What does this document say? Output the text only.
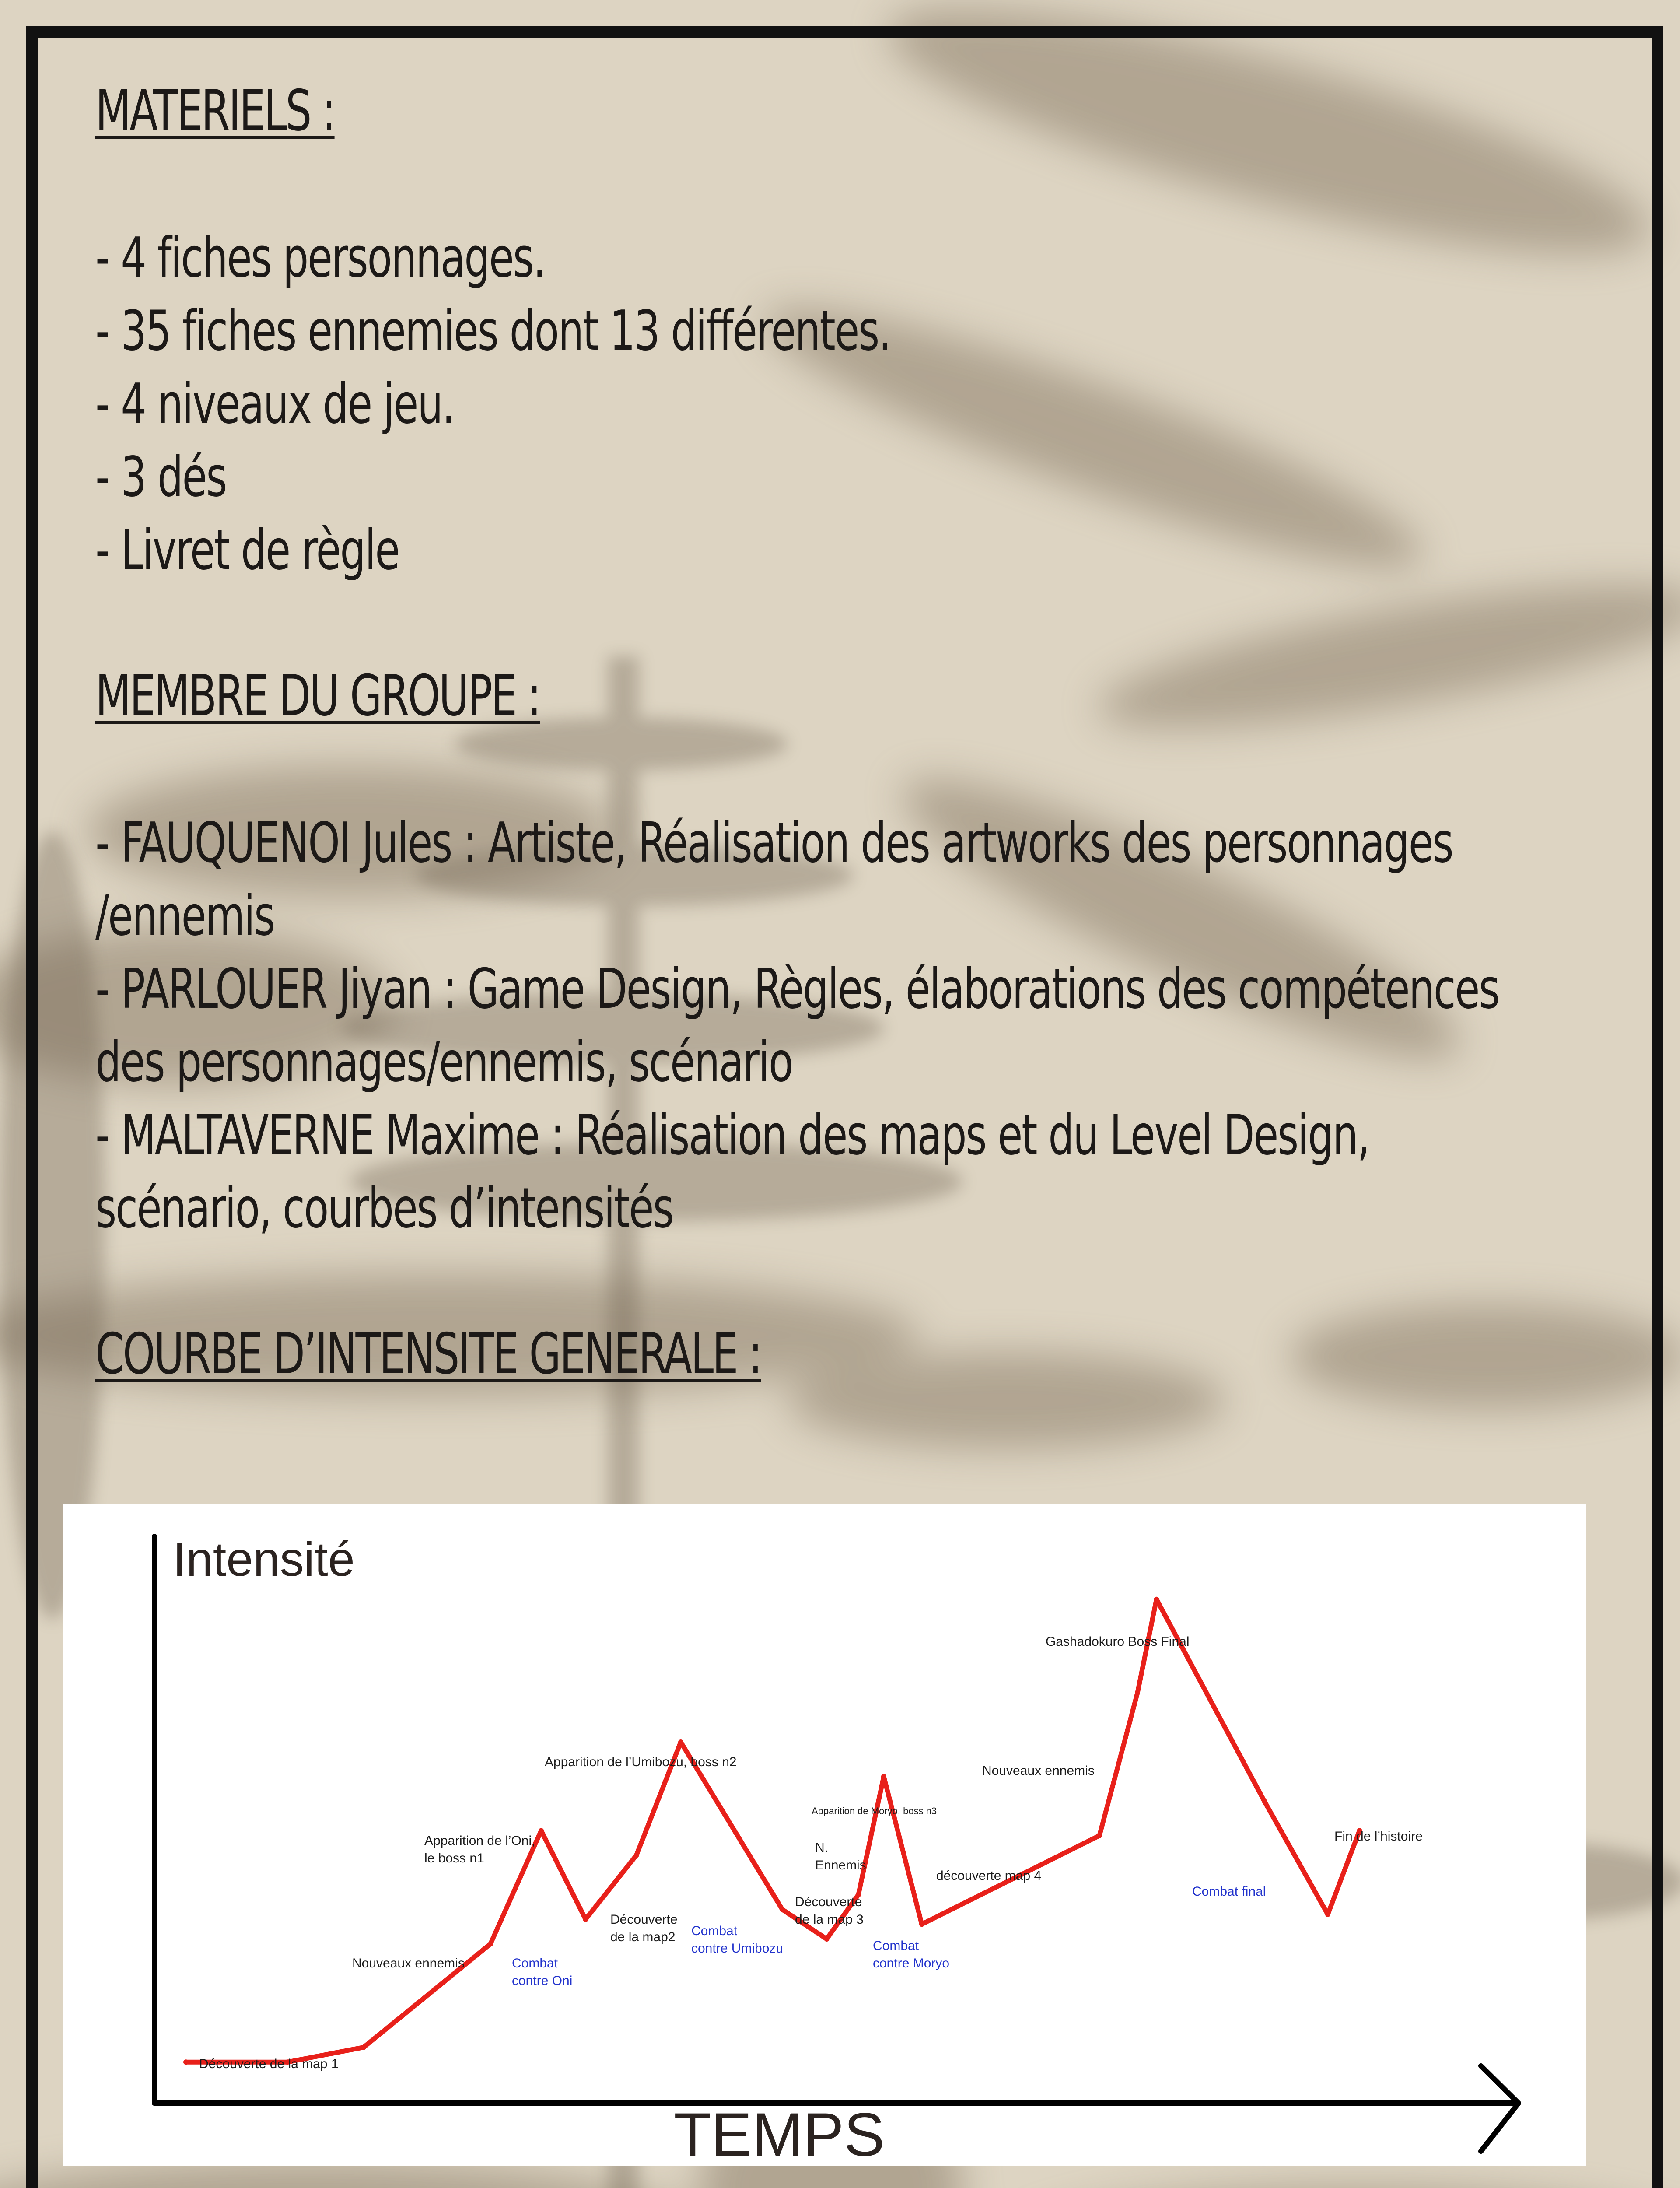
MATERIELS :
- 4 fiches personnages.
- 35 fiches ennemies dont 13 différentes.
- 4 niveaux de jeu.
- 3 dés
- Livret de règle
MEMBRE DU GROUPE :
- FAUQUENOI Jules : Artiste, Réalisation des artworks des personnages
/ennemis
- PARLOUER Jiyan : Game Design, Règles, élaborations des compétences
des personnages/ennemis, scénario
- MALTAVERNE Maxime : Réalisation des maps et du Level Design,
scénario, courbes d’intensités
COURBE D’INTENSITE GENERALE :
Intensité
TEMPS
Découverte de la map 1
Nouveaux ennemis
Apparition de l’Oni,
le boss n1
Découverte
de la map2
Apparition de l’Umibozu, boss n2
Apparition de Moryo, boss n3
N.
Ennemis
Découverte
de la map 3
découverte map 4
Nouveaux ennemis
Gashadokuro Boss Final
Fin de l’histoire
Combat
contre Oni
Combat
contre Umibozu	Combat
contre Moryo
Combat final
